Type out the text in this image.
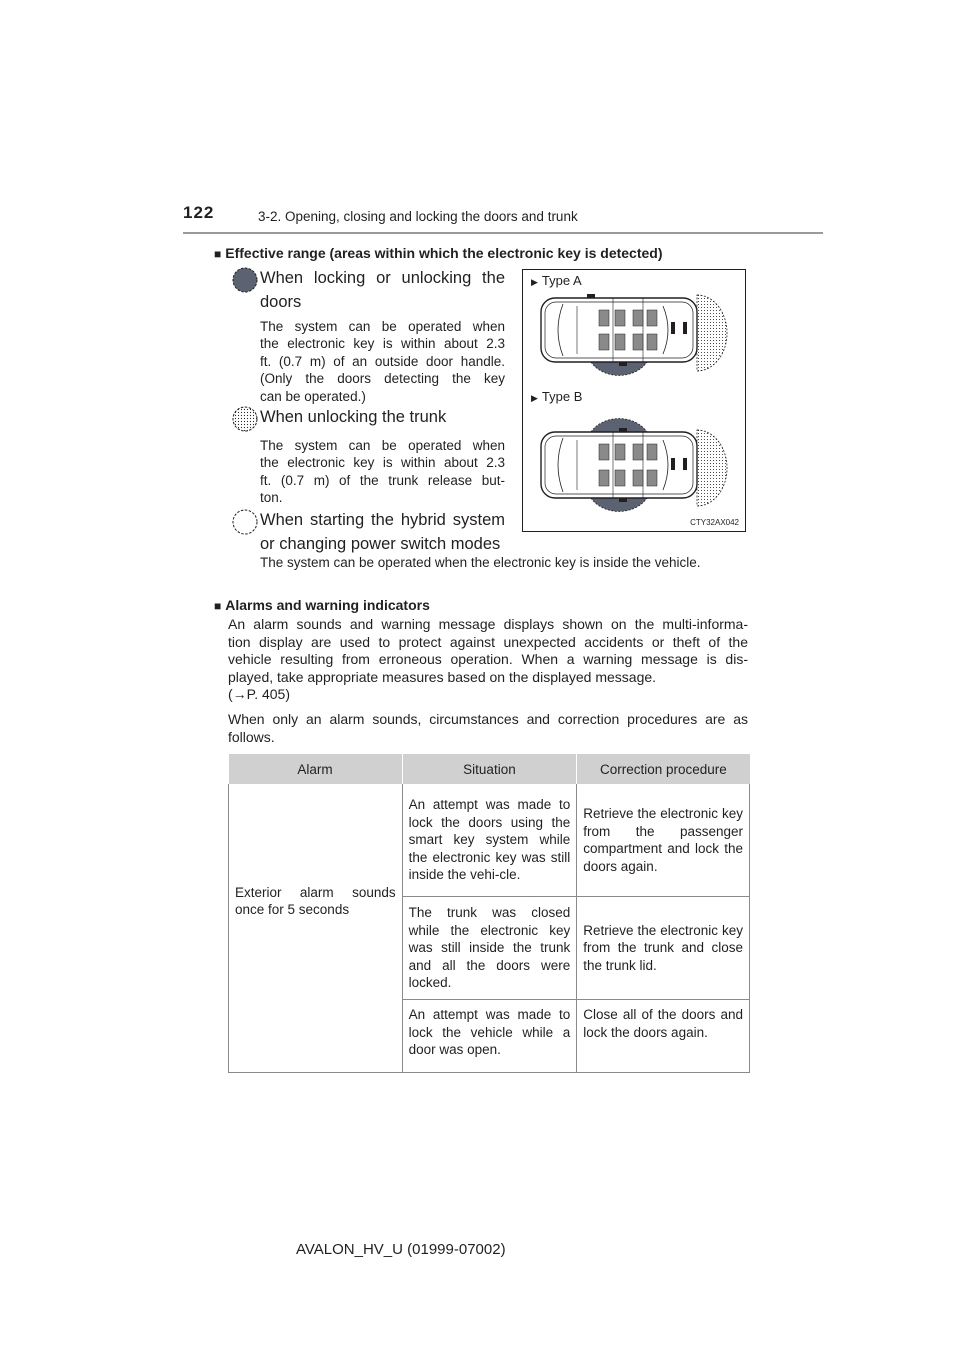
122	3-2. Opening, closing and locking the doors and trunk
■ Effective range (areas within which the electronic key is detected)
When locking or unlocking the
doors
The system can be operated when
the electronic key is within about 2.3
ft. (0.7 m) of an outside door handle.
(Only the doors detecting the key
can be operated.)
When unlocking the trunk
The system can be operated when
the electronic key is within about 2.3
ft. (0.7 m) of the trunk release but-
ton.
When starting the hybrid system
or changing power switch modes
The system can be operated when the electronic key is inside the vehicle.
▶ Type A
▶ Type B
CTY32AX042
■ Alarms and warning indicators
An alarm sounds and warning message displays shown on the multi-informa-
tion display are used to protect against unexpected accidents or theft of the
vehicle resulting from erroneous operation. When a warning message is dis-
played, take appropriate measures based on the displayed message.
(→P. 405)
When only an alarm sounds, circumstances and correction procedures are as
follows.
Alarm	Situation	Correction procedure
Exterior alarm sounds once for 5 seconds	An attempt was made to lock the doors using the smart key system while the electronic key was still inside the vehi-cle.	Retrieve the electronic key from the passenger compartment and lock the doors again.
	The trunk was closed while the electronic key was still inside the trunk and all the doors were locked.	Retrieve the electronic key from the trunk and close the trunk lid.
	An attempt was made to lock the vehicle while a door was open.	Close all of the doors and lock the doors again.
AVALON_HV_U (01999-07002)
